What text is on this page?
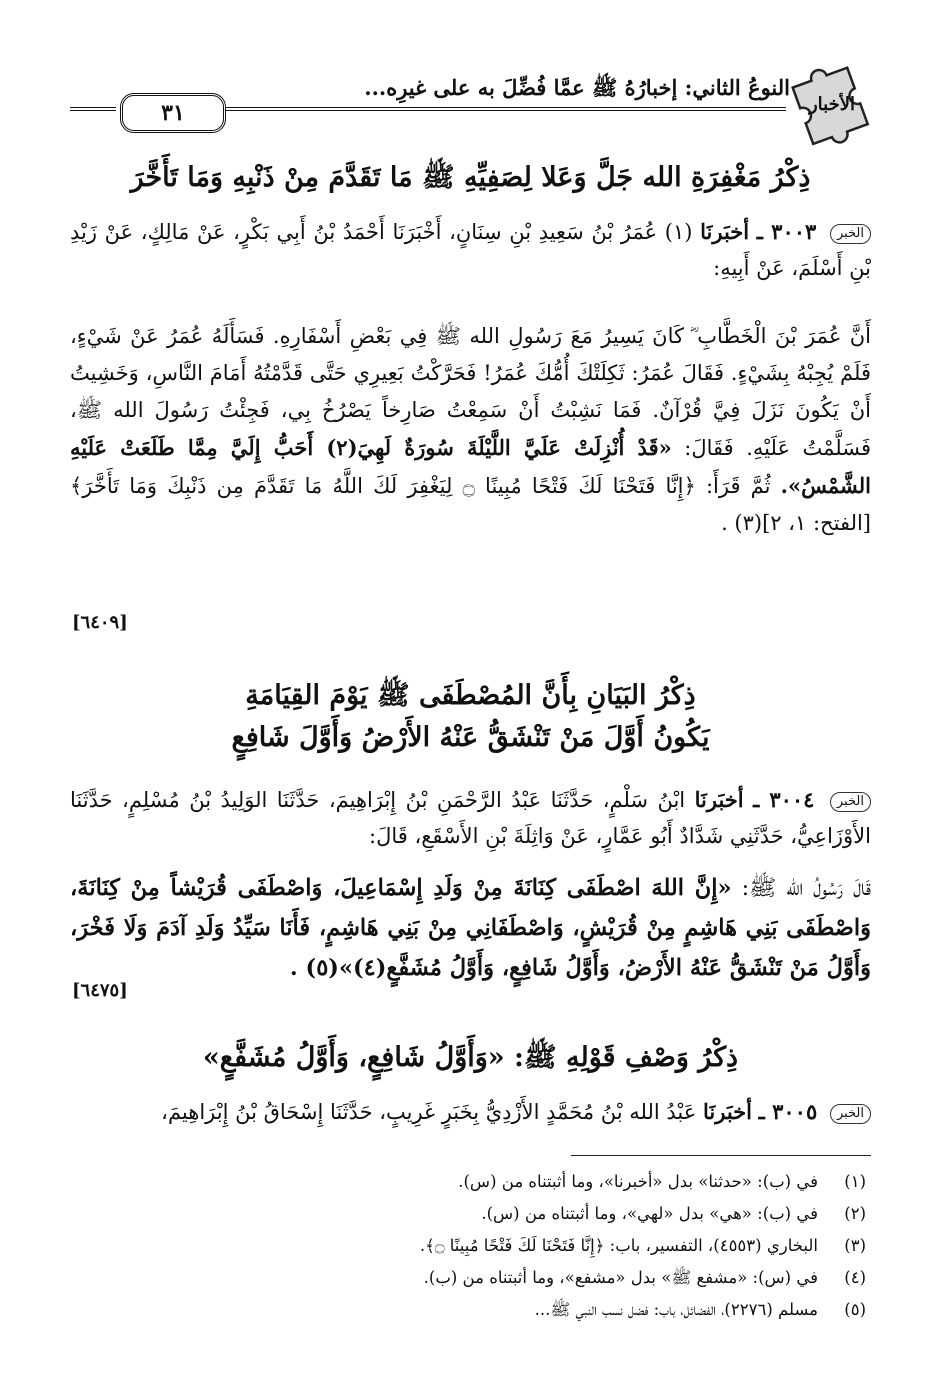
الأخبار
النوعُ الثاني: إخبارُهُ ﷺ عمَّا فُضِّلَ به على غيرِه...
٣١
ذِكْرُ مَغْفِرَةِ الله جَلَّ وَعَلا لِصَفِيِّهِ ﷺ مَا تَقَدَّمَ مِنْ ذَنْبِهِ وَمَا تَأَخَّرَ
الخبر ٣٠٠٣ ـ أخبَرنَا (١) عُمَرُ بْنُ سَعِيدِ بْنِ سِنَانٍ، أَخْبَرَنَا أَحْمَدُ بْنُ أَبِي بَكْرٍ، عَنْ مَالِكٍ، عَنْ زَيْدِ بْنِ أَسْلَمَ، عَنْ أَبِيهِ:
أَنَّ عُمَرَ بْنَ الْخَطَّابِ ؓ كَانَ يَسِيرُ مَعَ رَسُولِ الله ﷺ فِي بَعْضِ أَسْفَارِهِ. فَسَأَلَهُ عُمَرُ عَنْ شَيْءٍ، فَلَمْ يُجِبْهُ بِشَيْءٍ. فَقَالَ عُمَرُ: ثَكِلَتْكَ أُمُّكَ عُمَرُ! فَحَرَّكْتُ بَعِيرِي حَتَّى قَدَّمْتُهُ أَمَامَ النَّاسِ، وَخَشِيتُ أَنْ يَكُونَ نَزَلَ فِيَّ قُرْآنٌ. فَمَا نَشِبْتُ أَنْ سَمِعْتُ صَارِخاً يَصْرُخُ بِي، فَجِئْتُ رَسُولَ الله ﷺ، فَسَلَّمْتُ عَلَيْهِ. فَقَالَ: «قَدْ أُنْزِلَتْ عَلَيَّ اللَّيْلَةَ سُورَةٌ لَهِيَ(٢) أَحَبُّ إِلَيَّ مِمَّا طَلَعَتْ عَلَيْهِ الشَّمْسُ». ثُمَّ قَرَأَ: ﴿إِنَّا فَتَحْنَا لَكَ فَتْحًا مُبِينًا ۝ لِيَغْفِرَ لَكَ اللَّهُ مَا تَقَدَّمَ مِن ذَنْبِكَ وَمَا تَأَخَّرَ﴾ [الفتح: ١، ٢](٣) .
[٦٤٠٩]
ذِكْرُ البَيَانِ بِأَنَّ المُصْطَفَى ﷺ يَوْمَ القِيَامَةِ
يَكُونُ أَوَّلَ مَنْ تَنْشَقُّ عَنْهُ الأَرْضُ وَأَوَّلَ شَافِعٍ
الخبر ٣٠٠٤ ـ أخبَرنَا ابْنُ سَلْمٍ، حَدَّثَنَا عَبْدُ الرَّحْمَنِ بْنُ إِبْرَاهِيمَ، حَدَّثَنَا الوَلِيدُ بْنُ مُسْلِمٍ، حَدَّثَنَا الأَوْزَاعِيُّ، حَدَّثَنِي شَدَّادٌ أَبُو عَمَّارٍ، عَنْ وَاثِلَةَ بْنِ الأَسْقَعِ، قَالَ:
قَالَ رَسُولُ الله ﷺ: «إِنَّ اللهَ اصْطَفَى كِنَانَةَ مِنْ وَلَدِ إِسْمَاعِيلَ، وَاصْطَفَى قُرَيْشاً مِنْ كِنَانَةَ، وَاصْطَفَى بَنِي هَاشِمٍ مِنْ قُرَيْشٍ، وَاصْطَفَانِي مِنْ بَنِي هَاشِمٍ، فَأَنَا سَيِّدُ وَلَدِ آدَمَ وَلَا فَخْرَ، وَأَوَّلُ مَنْ تَنْشَقُّ عَنْهُ الأَرْضُ، وَأَوَّلُ شَافِعٍ، وَأَوَّلُ مُشَفَّعٍ(٤)»(٥) .
[٦٤٧٥]
ذِكْرُ وَصْفِ قَوْلِهِ ﷺ: «وَأَوَّلُ شَافِعٍ، وَأَوَّلُ مُشَفَّعٍ»
الخبر ٣٠٠٥ ـ أخبَرنَا عَبْدُ الله بْنُ مُحَمَّدٍ الأَزْدِيُّ بِخَبَرٍ غَرِيبٍ، حَدَّثَنَا إِسْحَاقُ بْنُ إِبْرَاهِيمَ،
(١)في (ب): «حدثنا» بدل «أخبرنا»، وما أثبتناه من (س).
(٢)في (ب): «هي» بدل «لهي»، وما أثبتناه من (س).
(٣)البخاري (٤٥٥٣)، التفسير، باب: ﴿إِنَّا فَتَحْنَا لَكَ فَتْحًا مُبِينًا ۝﴾.
(٤)في (س): «مشفع ﷺ» بدل «مشفع»، وما أثبتناه من (ب).
(٥)مسلم (٢٢٧٦)، الفضائل، باب: فضل نسب النبي ﷺ...
